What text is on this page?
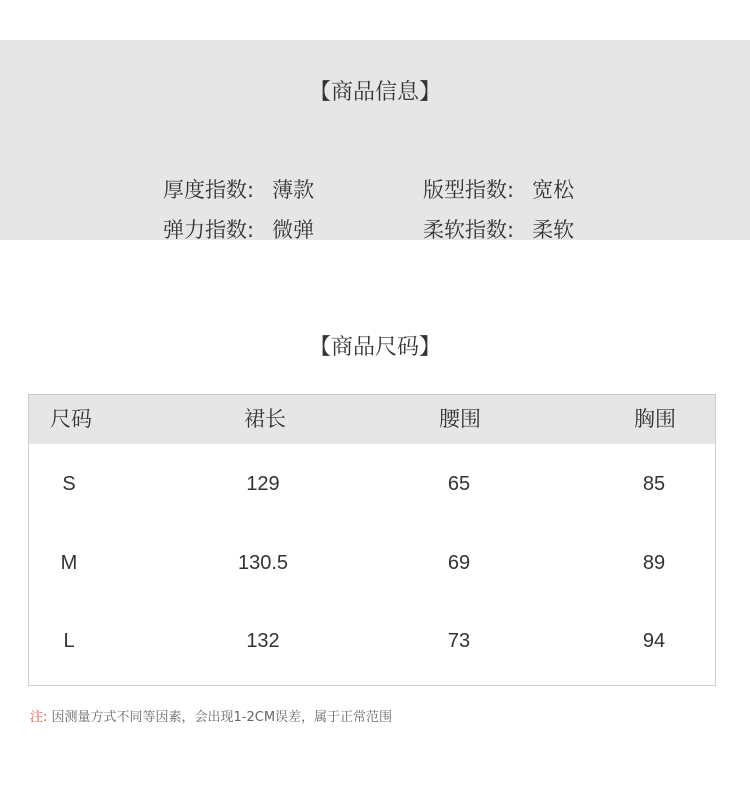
【商品信息】
厚度指数: 薄款	版型指数: 宽松
弹力指数: 微弹	柔软指数: 柔软
【商品尺码】
尺码	裙长	腰围	胸围
S	129	65	85
M	130.5	69	89
L	132	73	94
注: 因测量方式不同等因素，会出现1-2CM误差，属于正常范围
